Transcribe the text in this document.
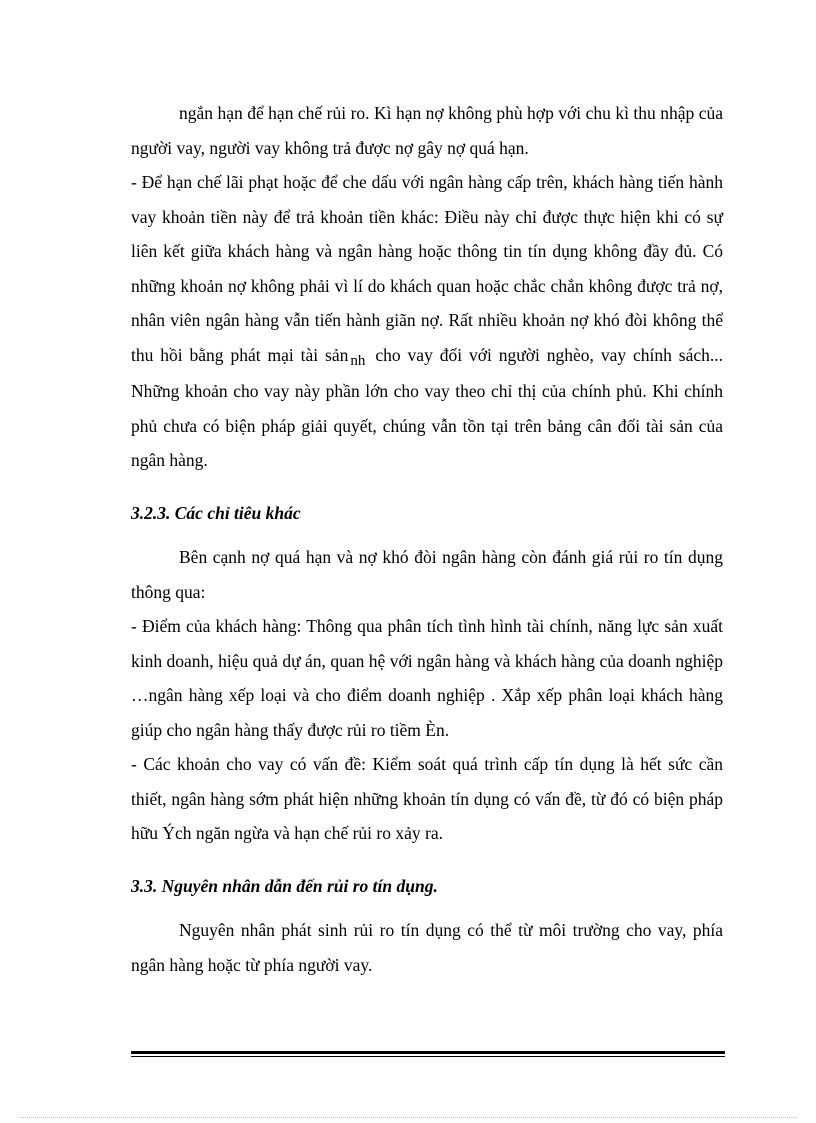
ngắn hạn để hạn chế rủi ro. Kì hạn nợ không phù hợp với chu kì thu nhập của người vay, người vay không trả được nợ gây nợ quá hạn.

- Để hạn chế lãi phạt hoặc để che dấu với ngân hàng cấp trên, khách hàng tiến hành vay khoản tiền này để trả khoản tiền khác: Điều này chỉ được thực hiện khi có sự liên kết giữa khách hàng và ngân hàng hoặc thông tin tín dụng không đầy đủ. Có những khoản nợ không phải vì lí do khách quan hoặc chắc chắn không được trả nợ, nhân viên ngân hàng vẫn tiến hành giãn nợ. Rất nhiều khoản nợ khó đòi không thể thu hồi bằng phát mại tài sản nh cho vay đối với người nghèo, vay chính sách... Những khoản cho vay này phần lớn cho vay theo chỉ thị của chính phủ. Khi chính phủ chưa có biện pháp giải quyết, chúng vẫn tồn tại trên bảng cân đối tài sản của ngân hàng.

3.2.3. Các chỉ tiêu khác

Bên cạnh nợ quá hạn và nợ khó đòi ngân hàng còn đánh giá rủi ro tín dụng thông qua:

- Điểm của khách hàng: Thông qua phân tích tình hình tài chính, năng lực sản xuất kinh doanh, hiệu quả dự án, quan hệ với ngân hàng và khách hàng của doanh nghiệp …ngân hàng xếp loại và cho điểm doanh nghiệp . Xắp xếp phân loại khách hàng giúp cho ngân hàng thấy được rủi ro tiềm Èn.

- Các khoản cho vay có vấn đề: Kiểm soát quá trình cấp tín dụng là hết sức cần thiết, ngân hàng sớm phát hiện những khoản tín dụng có vấn đề, từ đó có biện pháp hữu Ých ngăn ngừa và hạn chế rủi ro xảy ra.

3.3. Nguyên nhân dẫn đến rủi ro tín dụng.

Nguyên nhân phát sinh rủi ro tín dụng có thể từ môi trường cho vay, phía ngân hàng hoặc từ phía người vay.
